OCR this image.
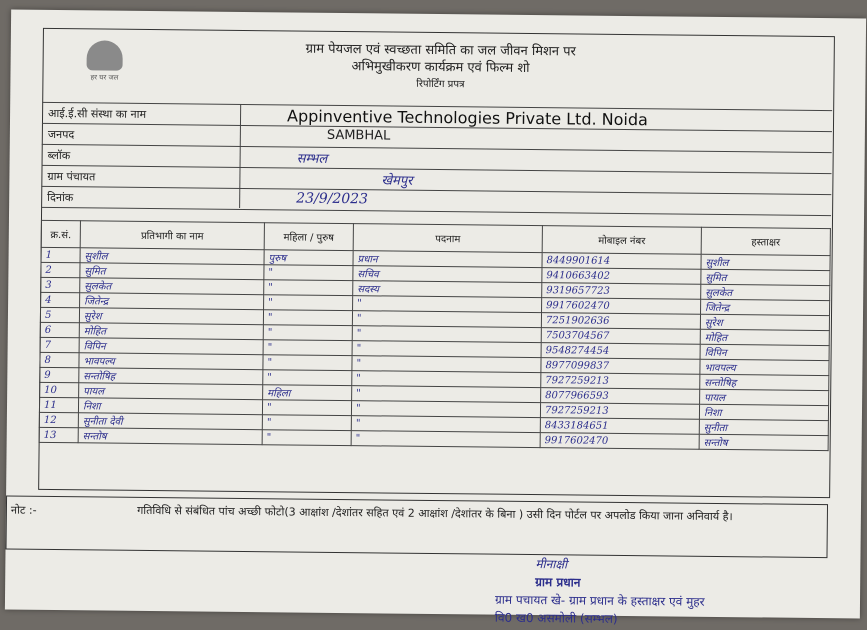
हर घर जल
ग्राम पेयजल एवं स्वच्छता समिति का जल जीवन मिशन पर
अभिमुखीकरण कार्यक्रम एवं फिल्म शो
रिपोर्टिंग प्रपत्र
आई.ई.सी संस्था का नाम	Appinventive Technologies Private Ltd. Noida
जनपद	SAMBHAL
ब्लॉक	सम्भल
ग्राम पंचायत	खेमपुर
दिनांक	23/9/2023
क्र.सं.	प्रतिभागी का नाम	महिला / पुरुष	पदनाम	मोबाइल नंबर	हस्ताक्षर
1	सुशील	पुरुष	प्रधान	8449901614	सुशील
2	सुमित	"	सचिव	9410663402	सुमित
3	सुलकेत	"	सदस्य	9319657723	सुलकेत
4	जितेन्द्र	"	"	9917602470	जितेन्द्र
5	सुरेश	"	"	7251902636	सुरेश
6	मोहित	"	"	7503704567	मोहित
7	विपिन	"	"	9548274454	विपिन
8	भावपल्य	"	"	8977099837	भावपल्य
9	सन्तोषिह	"	"	7927259213	सन्तोषिह
10	पायल	महिला	"	8077966593	पायल
11	निशा	"	"	7927259213	निशा
12	सुनीता देवी	"	"	8433184651	सुनीता
13	सन्तोष	"	"	9917602470	सन्तोष
नोट :-	गतिविधि से संबंधित पांच अच्छी फोटो(3 आक्षांश /देशांतर सहित एवं 2 आक्षांश /देशांतर के बिना ) उसी दिन पोर्टल पर अपलोड किया जाना अनिवार्य है।
मीनाक्षी
ग्राम प्रधान
ग्राम पचायत खे- ग्राम प्रधान के हस्ताक्षर एवं मुहर
वि0 ख0 असमोली (सम्भल)
